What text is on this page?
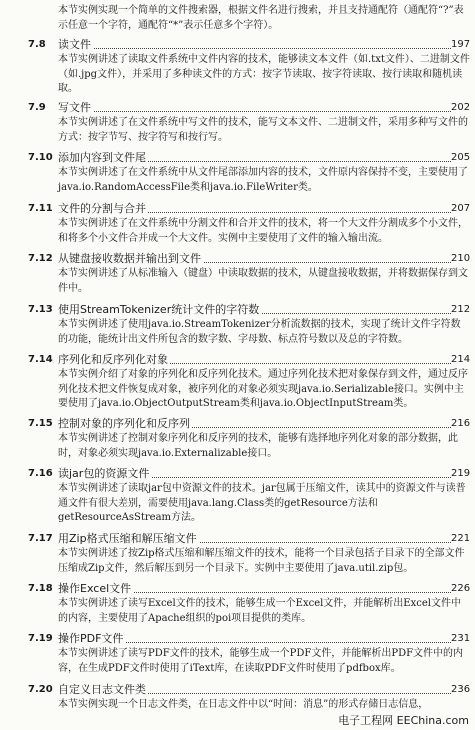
本节实例实现一个简单的文件搜索器，根据文件名进行搜索，并且支持通配符（通配符“?”表示任意一个字符，通配符“*”表示任意多个字符）。
7.8	读文件	197
本节实例讲述了读取文件系统中文件内容的技术，能够读文本文件（如.txt文件）、二进制文件（如.jpg文件），并采用了多种读文件的方式：按字节读取、按字符读取、按行读取和随机读取。
7.9	写文件	202
本节实例讲述了在文件系统中写文件的技术，能写文本文件、二进制文件，采用多种写文件的方式：按字节写、按字符写和按行写。
7.10 添加内容到文件尾	205
本节实例讲述了在文件系统中从文件尾部添加内容的技术，文件原内容保持不变，主要使用了java.io.RandomAccessFile类和java.io.FileWriter类。
7.11 文件的分割与合并	207
本节实例讲述了在文件系统中分割文件和合并文件的技术，将一个大文件分割成多个小文件，和将多个小文件合并成一个大文件。实例中主要使用了文件的输入输出流。
7.12 从键盘接收数据并输出到文件	210
本节实例讲述了从标准输入（键盘）中读取数据的技术，从键盘接收数据，并将数据保存到文件中。
7.13 使用StreamTokenizer统计文件的字符数	212
本节实例讲述了使用java.io.StreamTokenizer分析流数据的技术，实现了统计文件字符数的功能，能统计出文件所包含的数字数、字母数、标点符号数以及总的字符数。
7.14 序列化和反序列化对象	214
本节实例介绍了对象的序列化和反序列化技术。通过序列化技术把对象保存到文件，通过反序列化技术把文件恢复成对象，被序列化的对象必须实现java.io.Serializable接口。实例中主要使用了java.io.ObjectOutputStream类和java.io.ObjectInputStream类。
7.15 控制对象的序列化和反序列	216
本节实例讲述了控制对象序列化和反序列的技术，能够有选择地序列化对象的部分数据，此时，对象必须实现java.io.Externalizable接口。
7.16 读jar包的资源文件	219
本节实例讲述了读取jar包中资源文件的技术。jar包属于压缩文件，读其中的资源文件与读普通文件有很大差别，需要使用java.lang.Class类的getResource方法和getResourceAsStream方法。
7.17 用Zip格式压缩和解压缩文件	221
本节实例讲述了按Zip格式压缩和解压缩文件的技术，能将一个目录包括子目录下的全部文件压缩成Zip文件，然后解压到另一个目录下。实例中主要使用了java.util.zip包。
7.18 操作Excel文件	226
本节实例讲述了读写Excel文件的技术，能够生成一个Excel文件，并能解析出Excel文件中的内容，主要使用了Apache组织的poi项目提供的类库。
7.19 操作PDF文件	231
本节实例讲述了读写PDF文件的技术，能够生成一个PDF文件，并能解析出PDF文件中的内容，在生成PDF文件时使用了iText库，在读取PDF文件时使用了pdfbox库。
7.20 自定义日志文件类	236
本节实例实现一个日志文件类，在日志文件中以“时间：消息”的形式存储日志信息，
电子工程网 EEChina.com
